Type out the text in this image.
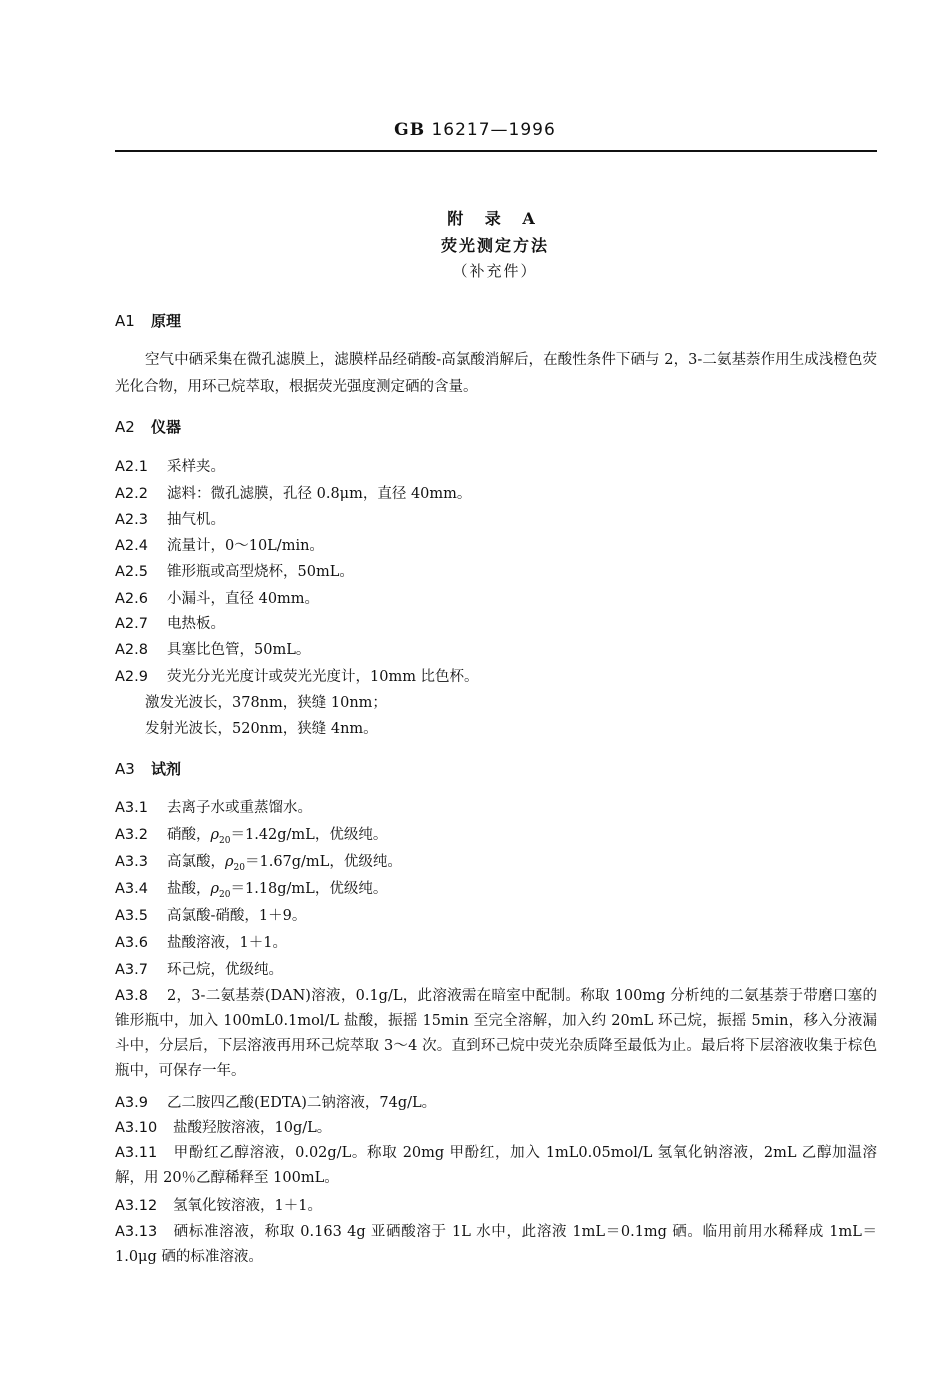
GB 16217—1996
附 录 A
荧光测定方法
（补充件）
A1 原理
空气中硒采集在微孔滤膜上，滤膜样品经硝酸-高氯酸消解后，在酸性条件下硒与 2，3-二氨基萘作用生成浅橙色荧光化合物，用环己烷萃取，根据荧光强度测定硒的含量。
A2 仪器
A2.1 采样夹。
A2.2 滤料：微孔滤膜，孔径 0.8μm，直径 40mm。
A2.3 抽气机。
A2.4 流量计，0～10L/min。
A2.5 锥形瓶或高型烧杯，50mL。
A2.6 小漏斗，直径 40mm。
A2.7 电热板。
A2.8 具塞比色管，50mL。
A2.9 荧光分光光度计或荧光光度计，10mm 比色杯。
激发光波长，378nm，狭缝 10nm；
发射光波长，520nm，狭缝 4nm。
A3 试剂
A3.1 去离子水或重蒸馏水。
A3.2 硝酸，$\rho_{20}=1.42g/mL$，优级纯。
A3.3 高氯酸，$\rho_{20}=1.67g/mL$，优级纯。
A3.4 盐酸，$\rho_{20}=1.18g/mL$，优级纯。
A3.5 高氯酸-硝酸，1＋9。
A3.6 盐酸溶液，1＋1。
A3.7 环己烷，优级纯。
A3.8 2，3-二氨基萘(DAN)溶液，0.1g/L，此溶液需在暗室中配制。称取 100mg 分析纯的二氨基萘于带磨口塞的锥形瓶中，加入 100mL0.1mol/L 盐酸，振摇 15min 至完全溶解，加入约 20mL 环己烷，振摇 5min，移入分液漏斗中，分层后，下层溶液再用环己烷萃取 3～4 次。直到环己烷中荧光杂质降至最低为止。最后将下层溶液收集于棕色瓶中，可保存一年。
A3.9 乙二胺四乙酸(EDTA)二钠溶液，74g/L。
A3.10 盐酸羟胺溶液，10g/L。
A3.11 甲酚红乙醇溶液，0.02g/L。称取 20mg 甲酚红，加入 1mL0.05mol/L 氢氧化钠溶液，2mL 乙醇加温溶解，用 20％乙醇稀释至 100mL。
A3.12 氢氧化铵溶液，1＋1。
A3.13 硒标准溶液，称取 0.163 4g 亚硒酸溶于 1L 水中，此溶液 1mL＝0.1mg 硒。临用前用水稀释成 1mL＝1.0μg 硒的标准溶液。
